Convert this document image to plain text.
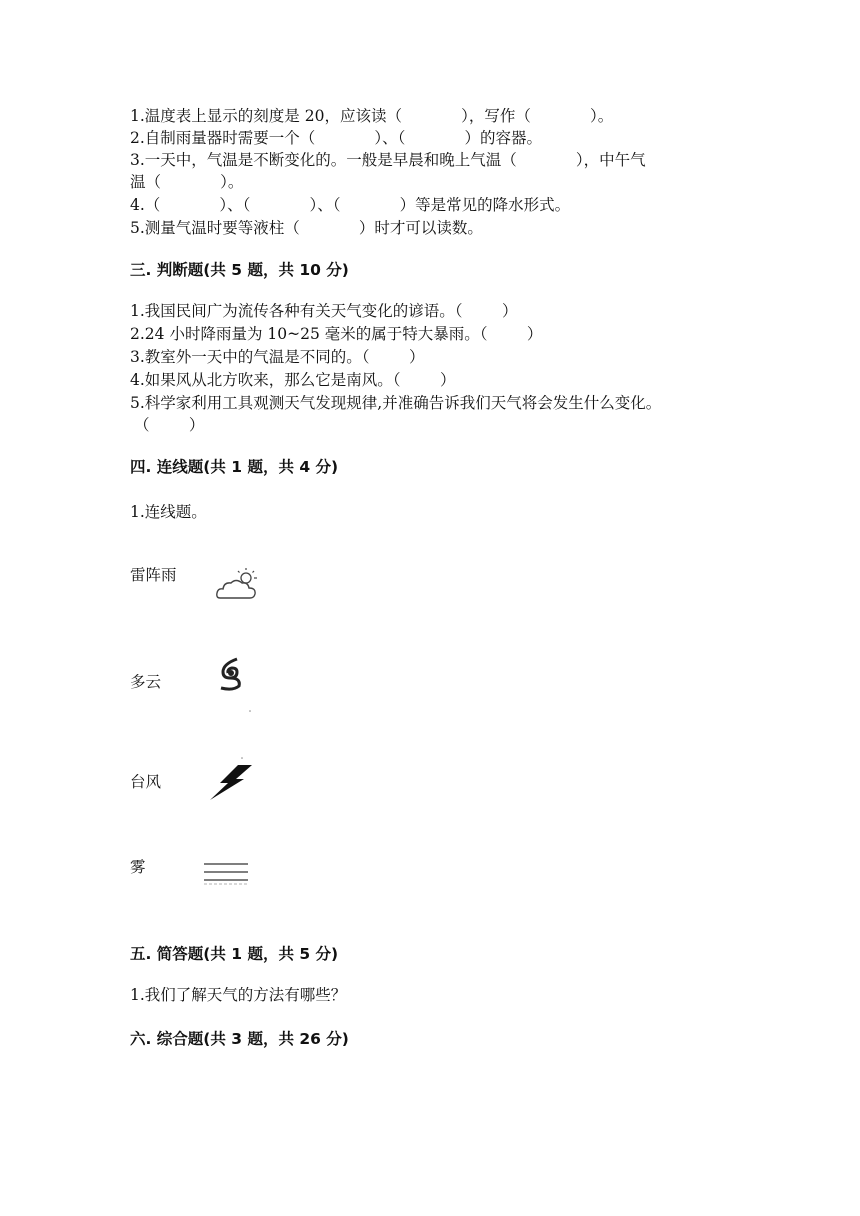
1.温度表上显示的刻度是 20，应该读（            ），写作（            ）。
2.自制雨量器时需要一个（            ）、（            ）的容器。
3.一天中，气温是不断变化的。一般是早晨和晚上气温（            ），中午气
温（            ）。
4.（            ）、（            ）、（            ）等是常见的降水形式。
5.测量气温时要等液柱（            ）时才可以读数。
三. 判断题(共 5 题，共 10 分)
1.我国民间广为流传各种有关天气变化的谚语。（        ）
2.24 小时降雨量为 10~25 毫米的属于特大暴雨。（        ）
3.教室外一天中的气温是不同的。（        ）
4.如果风从北方吹来，那么它是南风。（        ）
5.科学家利用工具观测天气发现规律,并准确告诉我们天气将会发生什么变化。
（        ）
四. 连线题(共 1 题，共 4 分)
1.连线题。
雷阵雨
多云
台风
雾
五. 简答题(共 1 题，共 5 分)
1.我们了解天气的方法有哪些？
六. 综合题(共 3 题，共 26 分)
